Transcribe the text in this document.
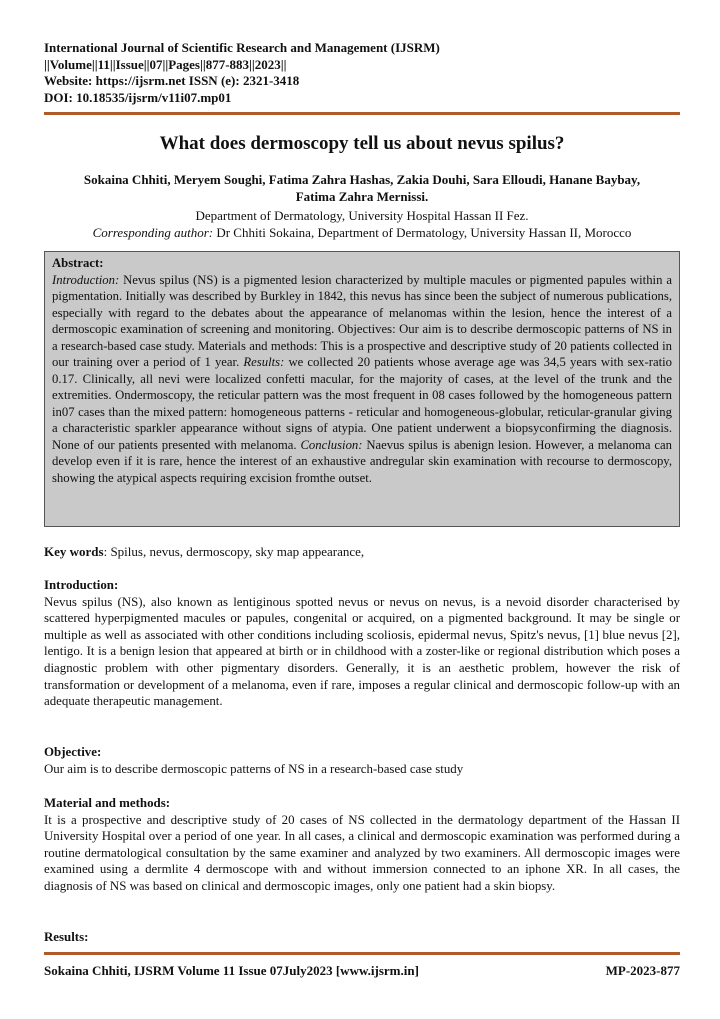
International Journal of Scientific Research and Management (IJSRM)
||Volume||11||Issue||07||Pages||877-883||2023||
Website: https://ijsrm.net ISSN (e): 2321-3418
DOI: 10.18535/ijsrm/v11i07.mp01
What does dermoscopy tell us about nevus spilus?
Sokaina Chhiti, Meryem Soughi, Fatima Zahra Hashas, Zakia Douhi, Sara Elloudi, Hanane Baybay,
Fatima Zahra Mernissi.
Department of Dermatology, University Hospital Hassan II Fez.
Corresponding author: Dr Chhiti Sokaina, Department of Dermatology, University Hassan II, Morocco
Abstract:
Introduction: Nevus spilus (NS) is a pigmented lesion characterized by multiple macules or pigmented papules within a pigmentation. Initially was described by Burkley in 1842, this nevus has since been the subject of numerous publications, especially with regard to the debates about the appearance of melanomas within the lesion, hence the interest of a dermoscopic examination of screening and monitoring. Objectives: Our aim is to describe dermoscopic patterns of NS in a research-based case study. Materials and methods: This is a prospective and descriptive study of 20 patients collected in our training over a period of 1 year. Results: we collected 20 patients whose average age was 34,5 years with sex-ratio 0.17. Clinically, all nevi were localized confetti macular, for the majority of cases, at the level of the trunk and the extremities. Ondermoscopy, the reticular pattern was the most frequent in 08 cases followed by the homogeneous pattern in07 cases than the mixed pattern: homogeneous patterns - reticular and homogeneous-globular, reticular-granular giving a characteristic sparkler appearance without signs of atypia. One patient underwent a biopsyconfirming the diagnosis. None of our patients presented with melanoma. Conclusion: Naevus spilus is abenign lesion. However, a melanoma can develop even if it is rare, hence the interest of an exhaustive andregular skin examination with recourse to dermoscopy, showing the atypical aspects requiring excision fromthe outset.
Key words: Spilus, nevus, dermoscopy, sky map appearance,
Introduction:
Nevus spilus (NS), also known as lentiginous spotted nevus or nevus on nevus, is a nevoid disorder characterised by scattered hyperpigmented macules or papules, congenital or acquired, on a pigmented background. It may be single or multiple as well as associated with other conditions including scoliosis, epidermal nevus, Spitz's nevus, [1] blue nevus [2], lentigo. It is a benign lesion that appeared at birth or in childhood with a zoster-like or regional distribution which poses a diagnostic problem with other pigmentary disorders. Generally, it is an aesthetic problem, however the risk of transformation or development of a melanoma, even if rare, imposes a regular clinical and dermoscopic follow-up with an adequate therapeutic management.
Objective:
Our aim is to describe dermoscopic patterns of NS in a research-based case study
Material and methods:
It is a prospective and descriptive study of 20 cases of NS collected in the dermatology department of the Hassan II University Hospital over a period of one year. In all cases, a clinical and dermoscopic examination was performed during a routine dermatological consultation by the same examiner and analyzed by two examiners. All dermoscopic images were examined using a dermlite 4 dermoscope with and without immersion connected to an iphone XR. In all cases, the diagnosis of NS was based on clinical and dermoscopic images, only one patient had a skin biopsy.
Results:
Sokaina Chhiti, IJSRM Volume 11 Issue 07July2023 [www.ijsrm.in]	MP-2023-877
